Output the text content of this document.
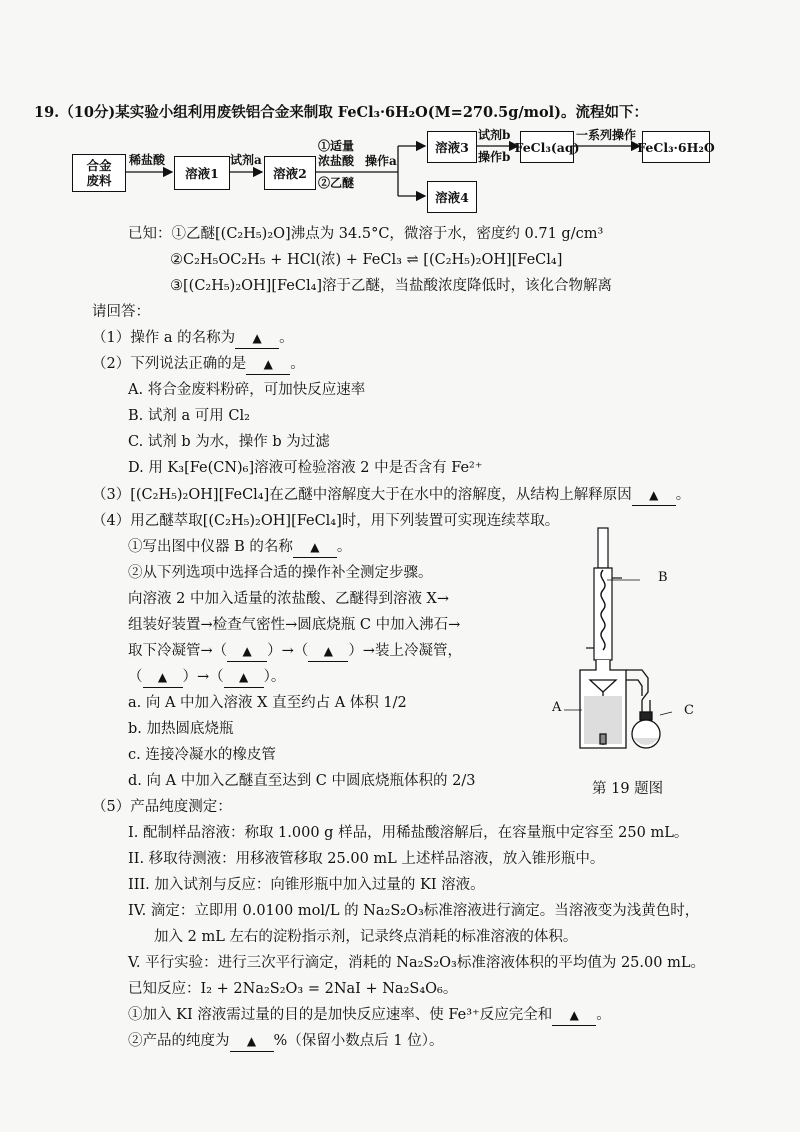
19.（10分)某实验小组利用废铁铝合金来制取 FeCl₃·6H₂O(M=270.5g/mol)。流程如下：
合金
废料	溶液1	溶液2
溶液3
溶液4
FeCl₃(aq)	FeCl₃·6H₂O
稀盐酸	试剂a
①适量
浓盐酸
②乙醚
操作a
试剂b
操作b
一系列操作
已知：①乙醚[(C₂H₅)₂O]沸点为 34.5°C，微溶于水，密度约 0.71 g/cm³
②C₂H₅OC₂H₅ + HCl(浓) + FeCl₃ ⇌ [(C₂H₅)₂OH][FeCl₄]
③[(C₂H₅)₂OH][FeCl₄]溶于乙醚，当盐酸浓度降低时，该化合物解离
请回答：
（1）操作 a 的名称为 ▲ 。
（2）下列说法正确的是 ▲ 。
A. 将合金废料粉碎，可加快反应速率
B. 试剂 a 可用 Cl₂
C. 试剂 b 为水，操作 b 为过滤
D. 用 K₃[Fe(CN)₆]溶液可检验溶液 2 中是否含有 Fe²⁺
（3）[(C₂H₅)₂OH][FeCl₄]在乙醚中溶解度大于在水中的溶解度，从结构上解释原因 ▲ 。
（4）用乙醚萃取[(C₂H₅)₂OH][FeCl₄]时，用下列装置可实现连续萃取。
①写出图中仪器 B 的名称 ▲ 。
②从下列选项中选择合适的操作补全测定步骤。
向溶液 2 中加入适量的浓盐酸、乙醚得到溶液 X→
组装好装置→检查气密性→圆底烧瓶 C 中加入沸石→
取下冷凝管→（ ▲ ）→（ ▲ ）→装上冷凝管，
（ ▲ ）→（ ▲ ）。
a. 向 A 中加入溶液 X 直至约占 A 体积 1/2
b. 加热圆底烧瓶
c. 连接冷凝水的橡皮管
d. 向 A 中加入乙醚直至达到 C 中圆底烧瓶体积的 2/3
B
A	C
第 19 题图
（5）产品纯度测定：
I. 配制样品溶液：称取 1.000 g 样品，用稀盐酸溶解后，在容量瓶中定容至 250 mL。
II. 移取待测液：用移液管移取 25.00 mL 上述样品溶液，放入锥形瓶中。
III. 加入试剂与反应：向锥形瓶中加入过量的 KI 溶液。
IV. 滴定：立即用 0.0100 mol/L 的 Na₂S₂O₃标准溶液进行滴定。当溶液变为浅黄色时，
加入 2 mL 左右的淀粉指示剂，记录终点消耗的标准溶液的体积。
V. 平行实验：进行三次平行滴定，消耗的 Na₂S₂O₃标准溶液体积的平均值为 25.00 mL。
已知反应：I₂ + 2Na₂S₂O₃ = 2NaI + Na₂S₄O₆。
①加入 KI 溶液需过量的目的是加快反应速率、使 Fe³⁺反应完全和 ▲ 。
②产品的纯度为 ▲ %（保留小数点后 1 位）。
